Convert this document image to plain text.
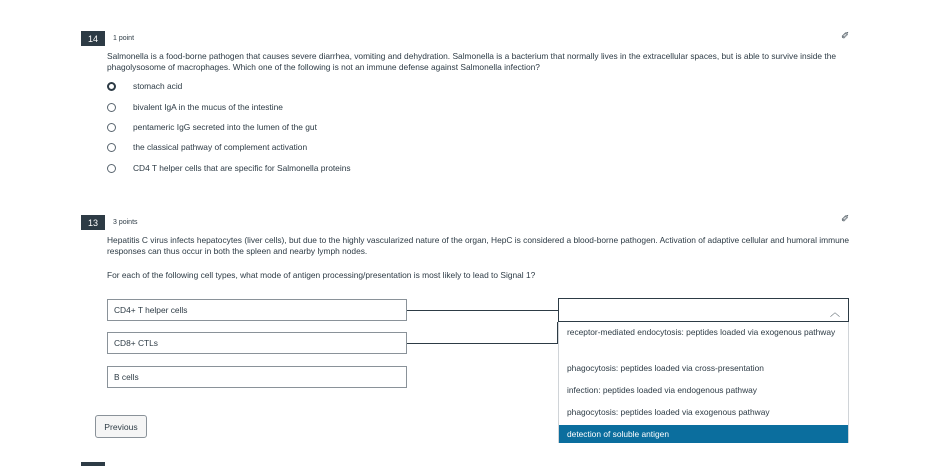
14	1 point	✐
Salmonella is a food-borne pathogen that causes severe diarrhea, vomiting and dehydration. Salmonella is a bacterium that normally lives in the extracellular spaces, but is able to survive inside the phagolysosome of macrophages. Which one of the following is not an immune defense against Salmonella infection?
stomach acid
bivalent IgA in the mucus of the intestine
pentameric IgG secreted into the lumen of the gut
the classical pathway of complement activation
CD4 T helper cells that are specific for Salmonella proteins
13	3 points	✐
Hepatitis C virus infects hepatocytes (liver cells), but due to the highly vascularized nature of the organ, HepC is considered a blood-borne pathogen. Activation of adaptive cellular and humoral immune responses can thus occur in both the spleen and nearby lymph nodes.
For each of the following cell types, what mode of antigen processing/presentation is most likely to lead to Signal 1?
CD4+ T helper cells
CD8+ CTLs
B cells
︿
receptor-mediated endocytosis: peptides loaded via exogenous pathway
phagocytosis: peptides loaded via cross-presentation
infection: peptides loaded via endogenous pathway
phagocytosis: peptides loaded via exogenous pathway
detection of soluble antigen
Previous
